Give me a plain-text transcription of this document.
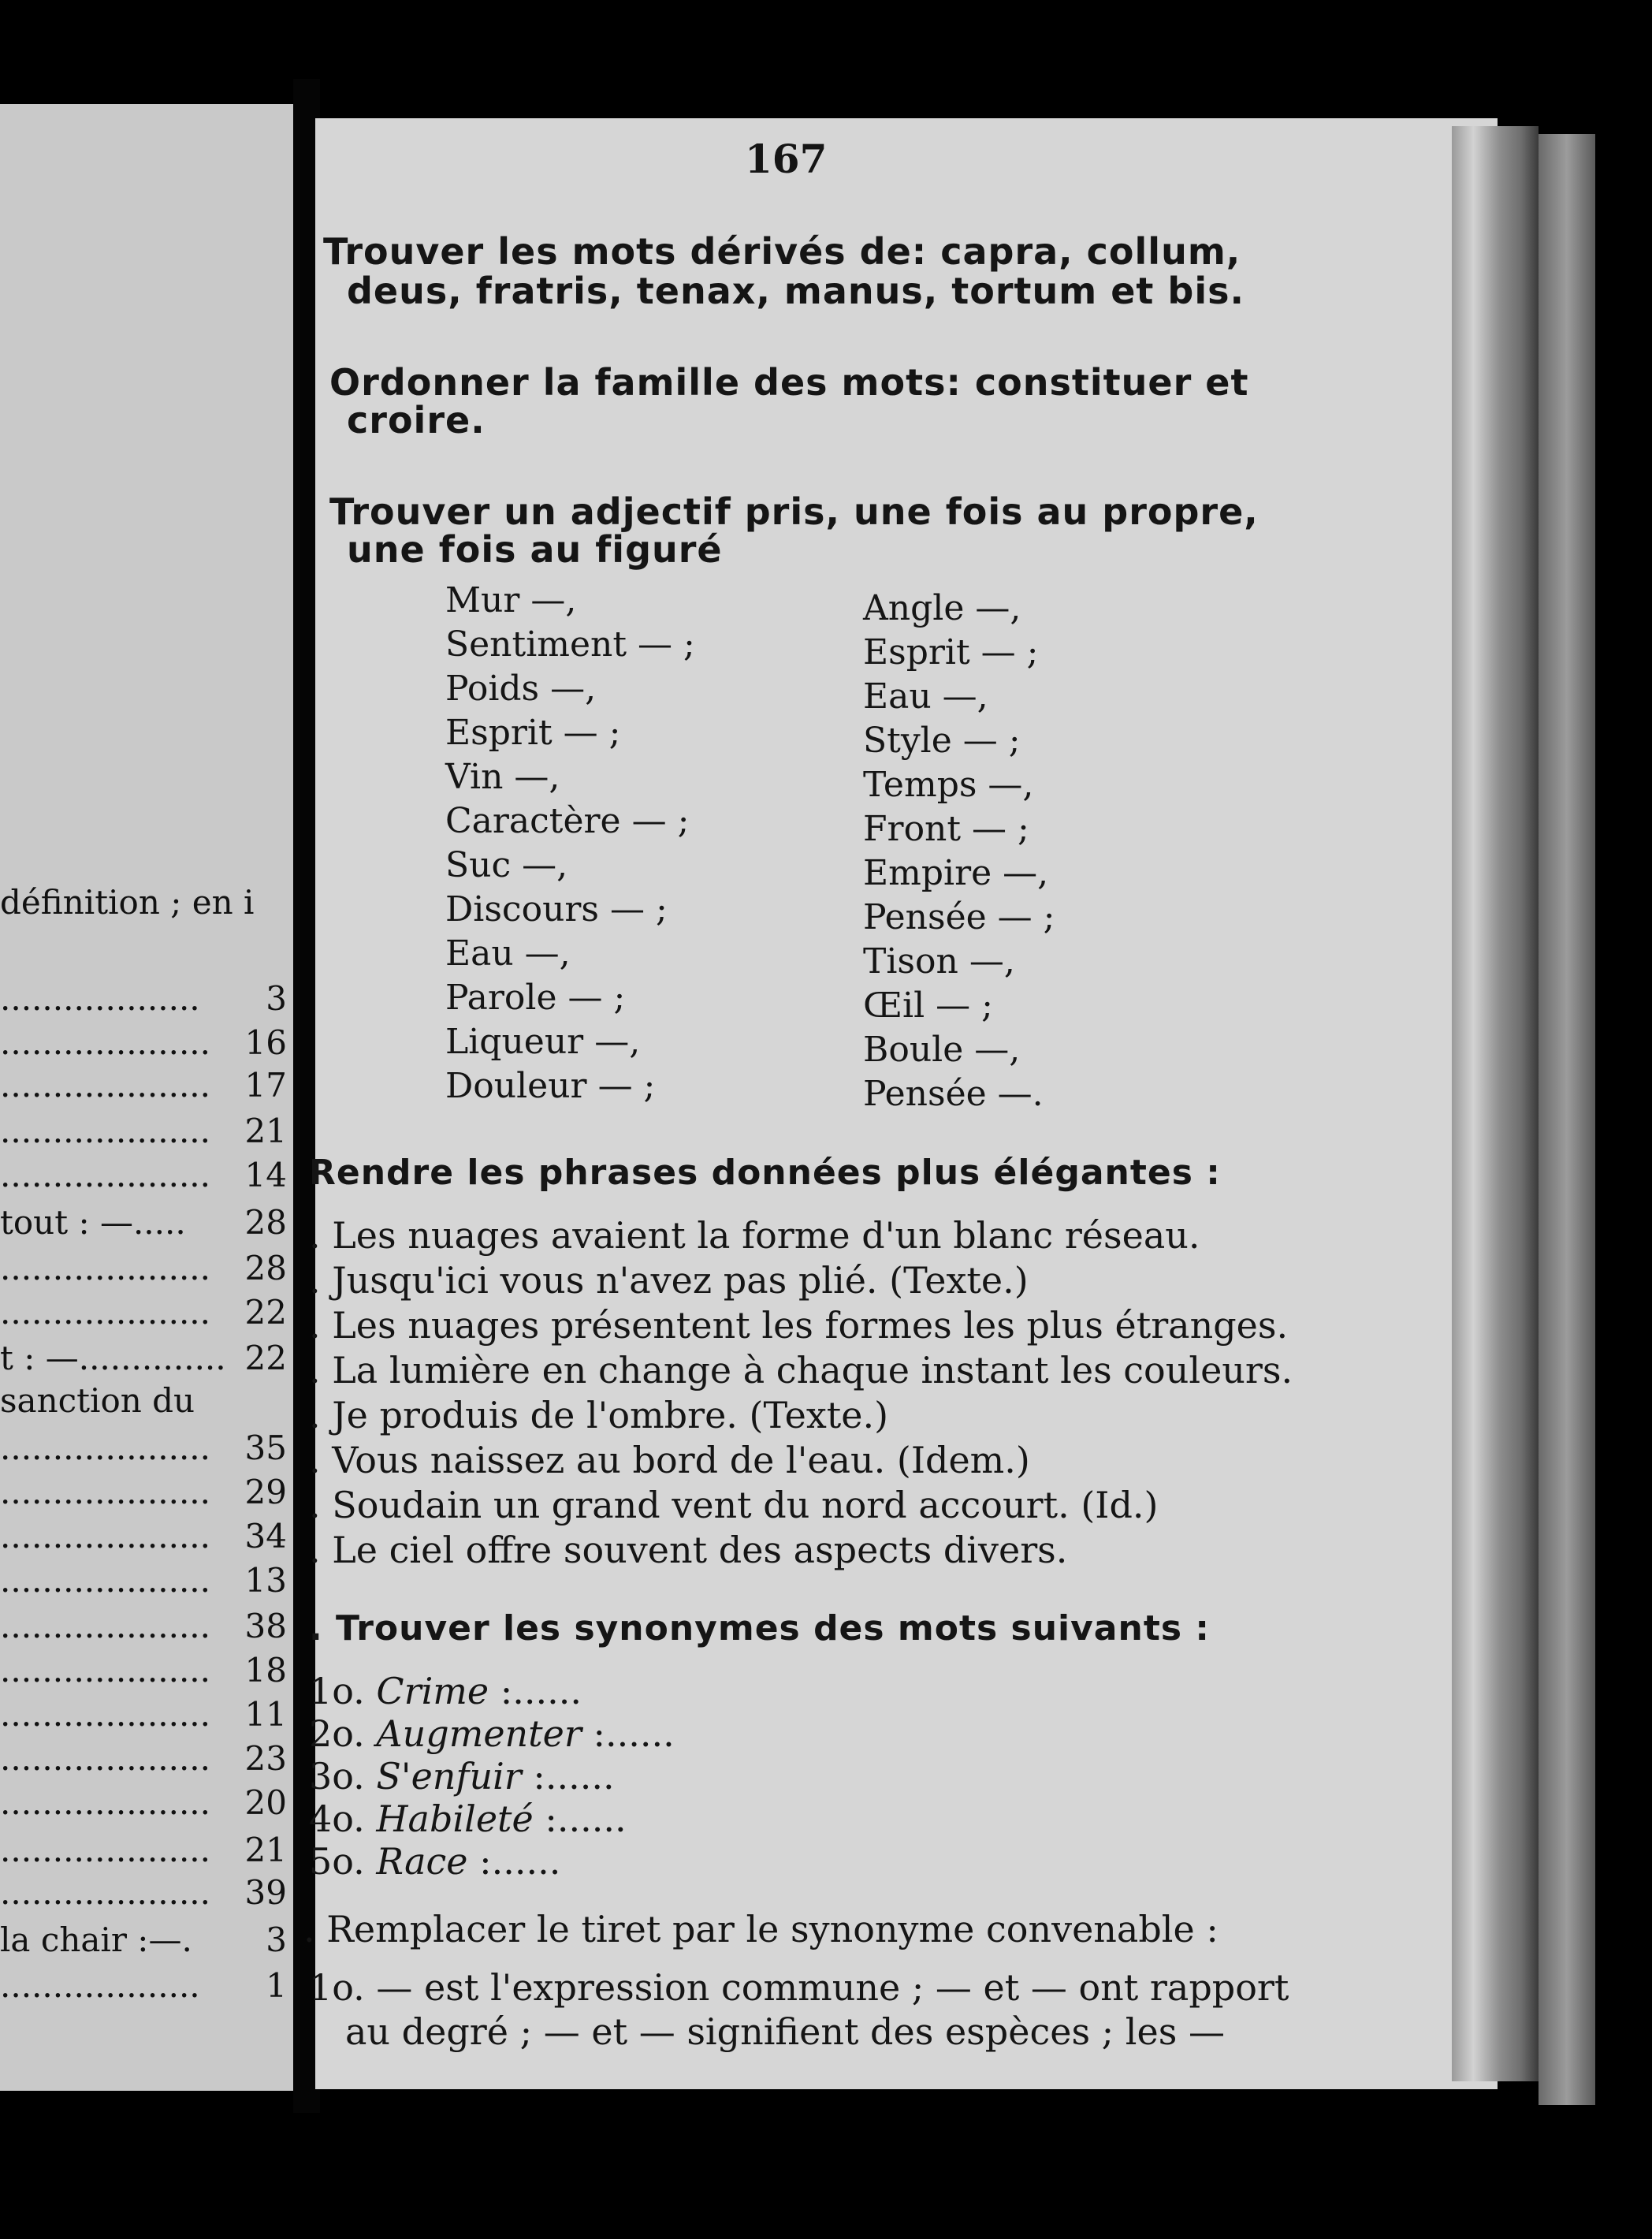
167
Trouver les mots dérivés de: capra, collum,
deus, fratris, tenax, manus, tortum et bis.
Ordonner la famille des mots: constituer et
croire.
Trouver un adjectif pris, une fois au propre,
une fois au figuré
Mur —,
Sentiment — ;
Poids —,
Esprit — ;
Vin —,
Caractère — ;
Suc —,
Discours — ;
Eau —,
Parole — ;
Liqueur —,
Douleur — ;
Angle —,
Esprit — ;
Eau —,
Style — ;
Temps —,
Front — ;
Empire —,
Pensée — ;
Tison —,
Œil — ;
Boule —,
Pensée —.
Rendre les phrases données plus élégantes :
. Les nuages avaient la forme d'un blanc réseau.
. Jusqu'ici vous n'avez pas plié. (Texte.)
. Les nuages présentent les formes les plus étranges.
. La lumière en change à chaque instant les couleurs.
. Je produis de l'ombre. (Texte.)
. Vous naissez au bord de l'eau. (Idem.)
. Soudain un grand vent du nord accourt. (Id.)
. Le ciel offre souvent des aspects divers.
. Trouver les synonymes des mots suivants :
1o. Crime :......
2o. Augmenter :......
3o. S'enfuir :......
4o. Habileté :......
5o. Race :......
. Remplacer le tiret par le synonyme convenable :
1o. — est l'expression commune ; — et — ont rapport
au degré ; — et — signifient des espèces ; les —
définition ; en i
................... 3
.................... 16
.................... 17
.................... 21
.................... 14
tout : —..... 28
.................... 28
.................... 22
t : —.............. 22
sanction du
.................... 35
.................... 29
.................... 34
.................... 13
.................... 38
.................... 18
.................... 11
.................... 23
.................... 20
.................... 21
.................... 39
la chair :—. 3
................... 1
